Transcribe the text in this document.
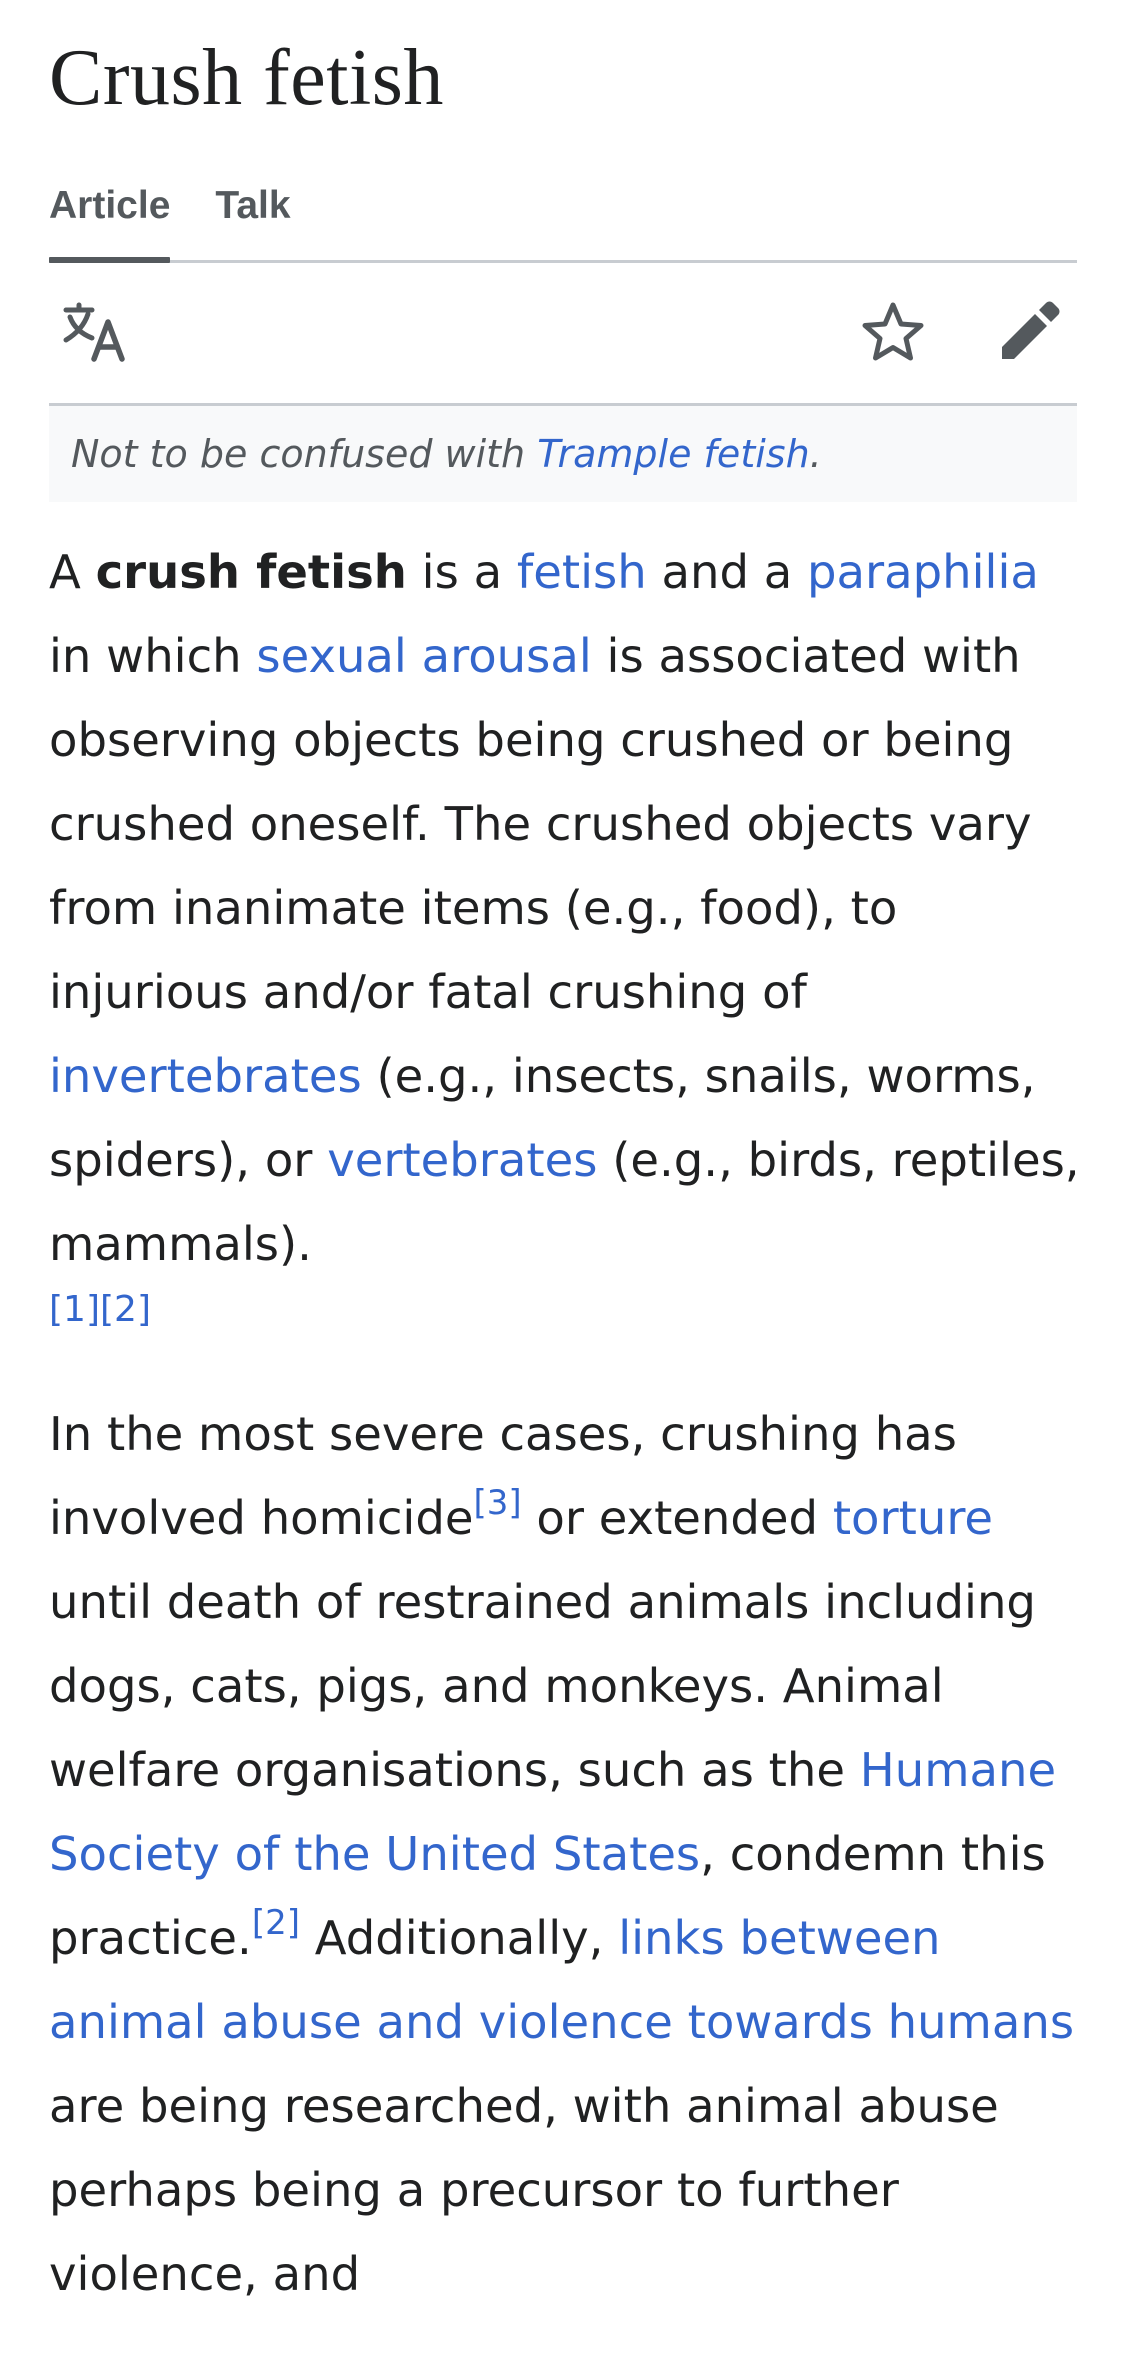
Crush fetish
Article Talk
Not to be confused with Trample fetish.

A crush fetish is a fetish and a paraphilia in which sexual arousal is associated with observing objects being crushed or being crushed oneself. The crushed objects vary from inanimate items (e.g., food), to injurious and/or fatal crushing of invertebrates (e.g., insects, snails, worms, spiders), or vertebrates (e.g., birds, reptiles, mammals).
[1][2]

In the most severe cases, crushing has involved homicide[3] or extended torture until death of restrained animals including dogs, cats, pigs, and monkeys. Animal welfare organisations, such as the Humane Society of the United States, condemn this practice.[2] Additionally, links between animal abuse and violence towards humans are being researched, with animal abuse perhaps being a precursor to further violence, and
